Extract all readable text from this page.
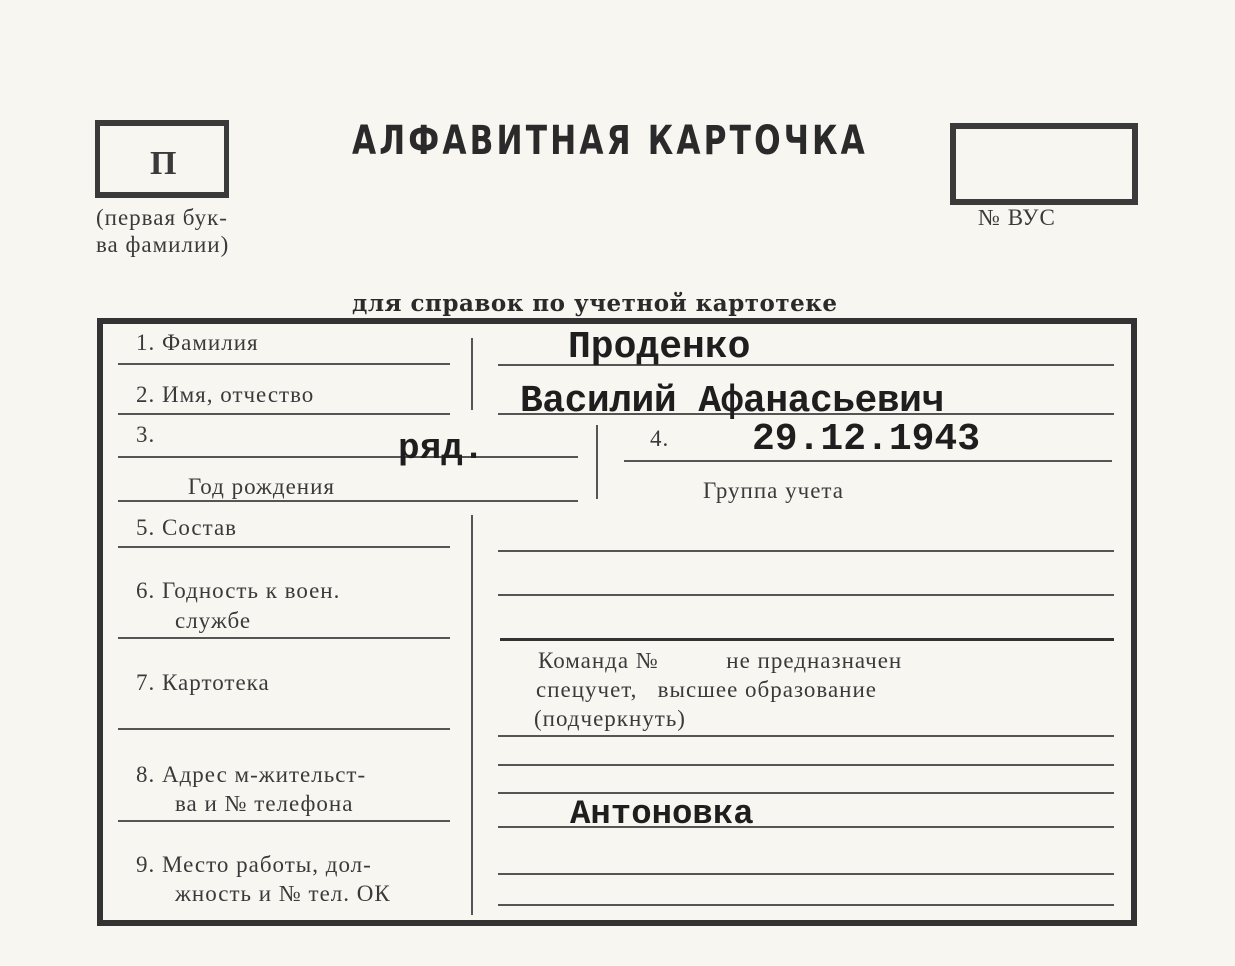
П
(первая бук-
ва фамилии)
АЛФАВИТНАЯ КАРТОЧКА
№ ВУС
для справок по учетной картотеке
1. Фамилия
2. Имя, отчество
3.
Год рождения
4.
Группа учета
5. Состав
6. Годность к воен.
службе
7. Картотека
8. Адрес м-жительст-
ва и № телефона
9. Место работы, дол-
жность и № тел. ОК
Команда №          не предназначен
спецучет,   высшее образование
(подчеркнуть)
Проденко
Василий Афанасьевич
ряд.	29.12.1943
Антоновка
